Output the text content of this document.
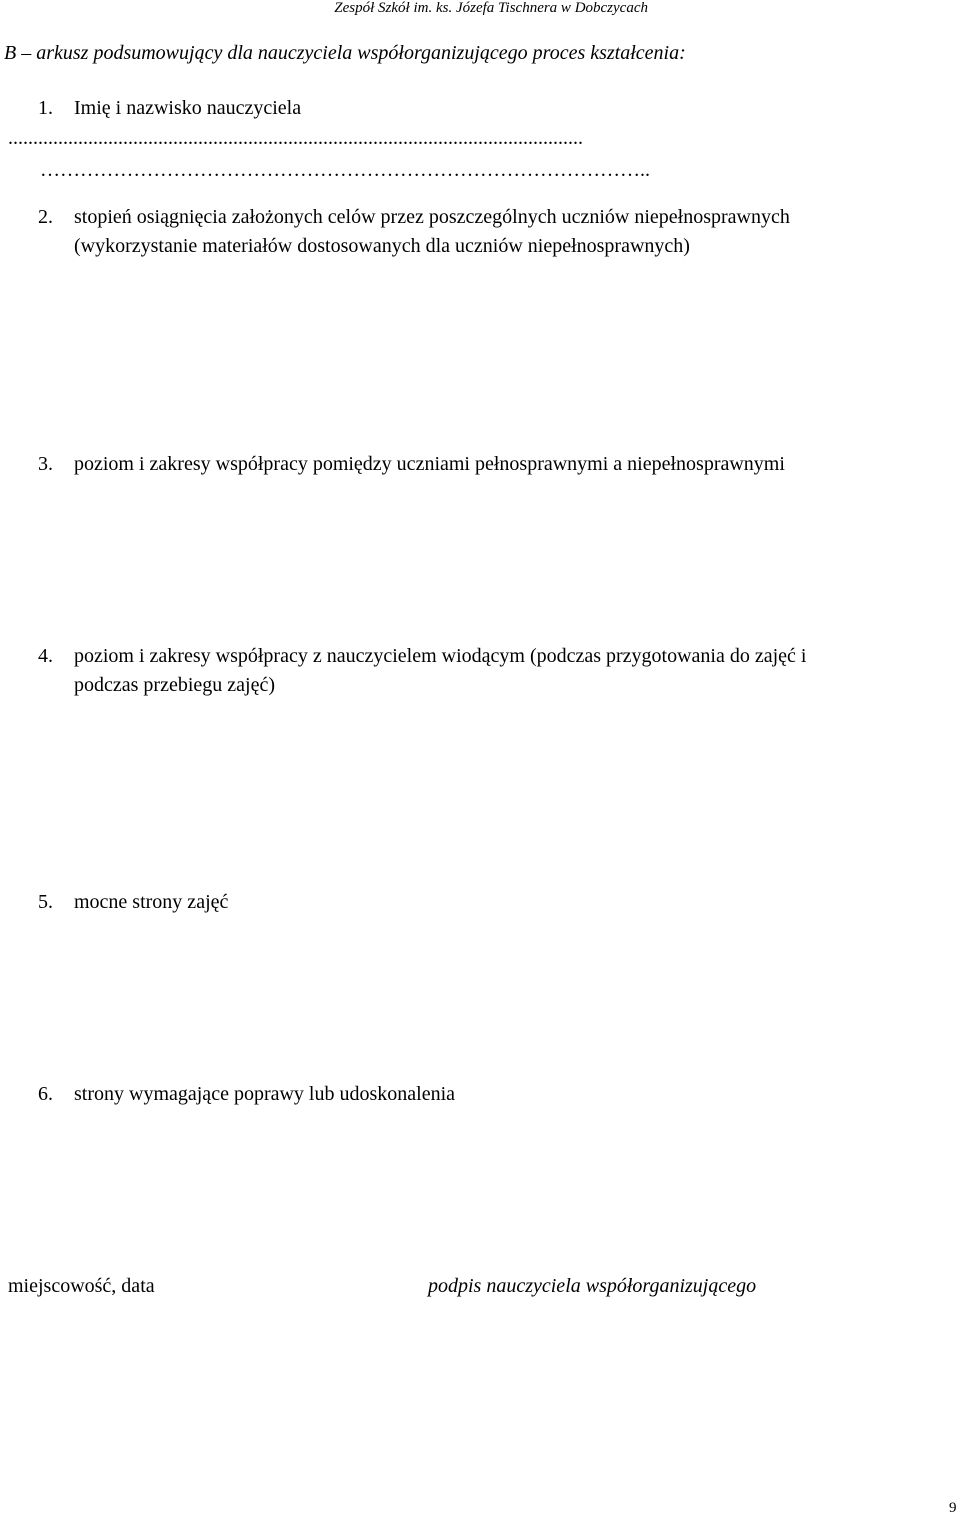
Zespół Szkół im. ks. Józefa Tischnera w Dobczycach
B – arkusz podsumowujący dla nauczyciela współorganizującego proces kształcenia:
1.	Imię i nazwisko nauczyciela
...................................................................................................................
………………………………………………………………………………..
2.	stopień osiągnięcia założonych celów przez poszczególnych uczniów niepełnosprawnych
(wykorzystanie materiałów dostosowanych dla uczniów niepełnosprawnych)
3.	poziom i zakresy współpracy pomiędzy uczniami pełnosprawnymi a niepełnosprawnymi
4.	poziom i zakresy współpracy z nauczycielem wiodącym (podczas przygotowania do zajęć i
podczas przebiegu zajęć)
5.	mocne strony zajęć
6.	strony wymagające poprawy lub udoskonalenia
miejscowość, data	podpis nauczyciela współorganizującego
9
